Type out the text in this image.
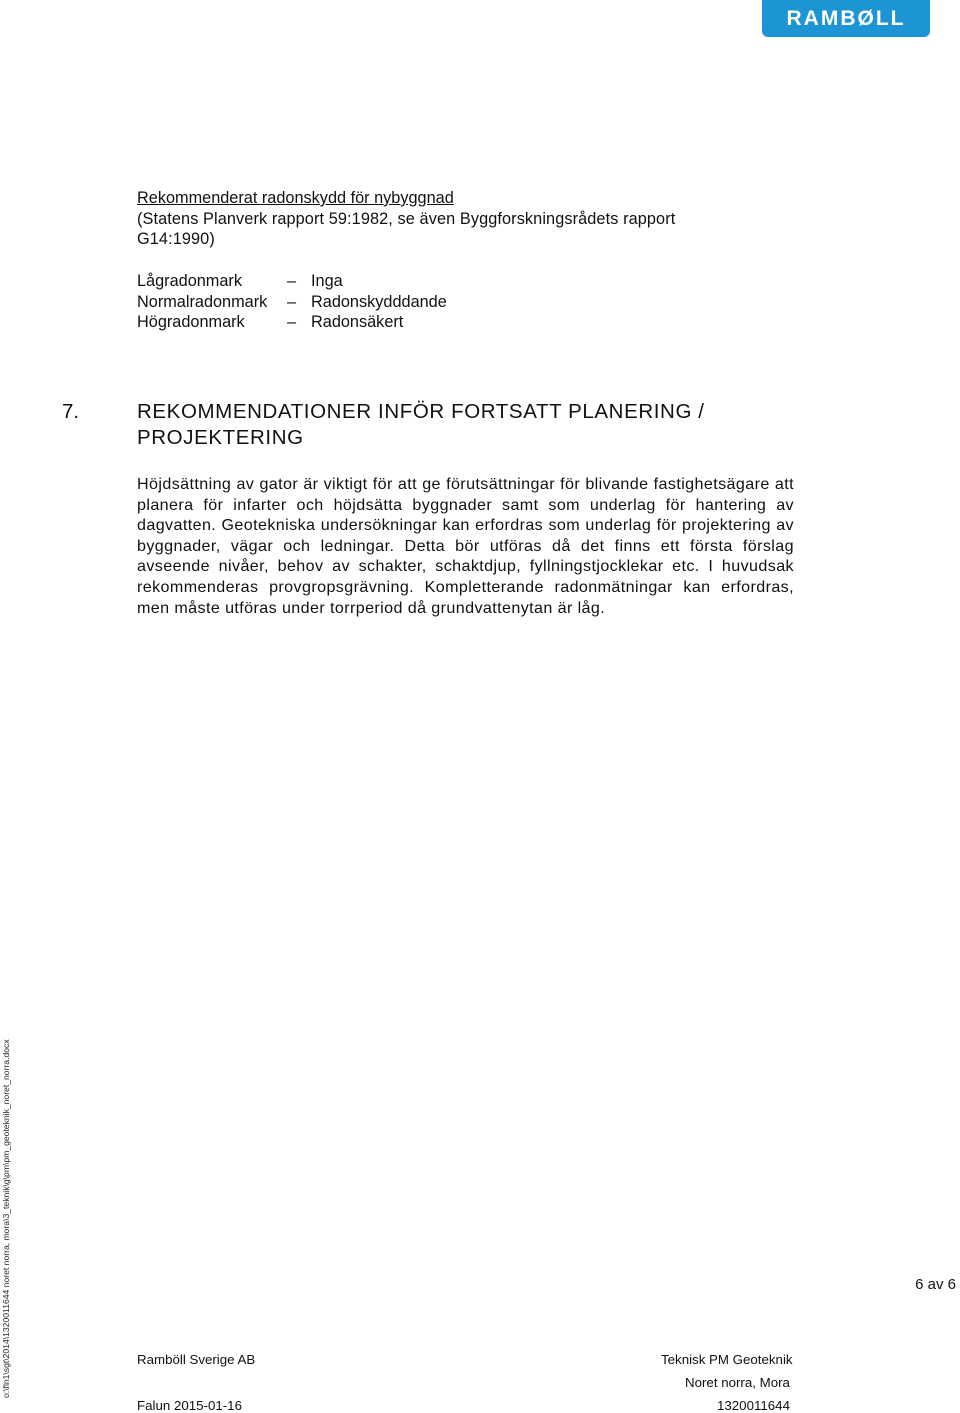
RAMBØLL
Rekommenderat radonskydd för nybyggnad
(Statens Planverk rapport 59:1982, se även Byggforskningsrådets rapport
G14:1990)
Lågradonmark	– Inga
Normalradonmark – Radonskydddande
Högradonmark	– Radonsäkert
7.	REKOMMENDATIONER INFÖR FORTSATT PLANERING / PROJEKTERING
Höjdsättning av gator är viktigt för att ge förutsättningar för blivande fastighetsägare att planera för infarter och höjdsätta byggnader samt som underlag för hantering av dagvatten. Geotekniska undersökningar kan erfordras som underlag för projektering av byggnader, vägar och ledningar. Detta bör utföras då det finns ett första förslag avseende nivåer, behov av schakter, schaktdjup, fyllningstjocklekar etc. I huvudsak rekommenderas provgropsgrävning. Kompletterande radonmätningar kan erfordras, men måste utföras under torrperiod då grundvattenytan är låg.
o:\fln1\sgt\2014\1320011644 noret norra, mora\3_teknik\g\pm\pm_geoteknik_noret_norra.docx	6 av 6
Ramböll Sverige AB	Teknisk PM Geoteknik
Noret norra, Mora
Falun 2015-01-16	1320011644
